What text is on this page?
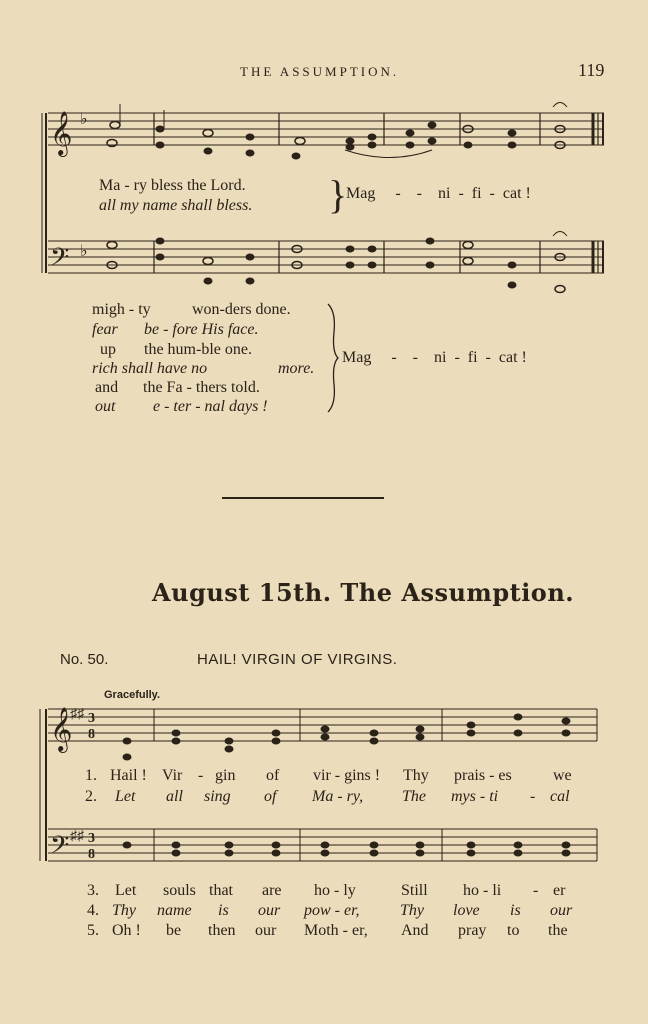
THE ASSUMPTION.	119
𝄞
𝄢
♭
♭
𝄞
𝄢
♯♯
♯♯
3
8
3
8
Ma - ry bless the Lord.
all my name shall bless. }
Mag - - ni - fi - cat !
migh - ty	won-ders done.
fear be - fore His face.
up the hum-ble one.
rich shall have no	more.
and the Fa - thers told.
out e - ter - nal days !
Mag - - ni - fi - cat !
August 15th. The Assumption.
No. 50.	HAIL! VIRGIN OF VIRGINS.
Gracefully.
1. Hail ! Vir - gin of vir - gins ! Thy prais - es	we
2. Let all sing of Ma - ry, The mys - ti - cal
3. Let souls that are ho - ly	Still ho - li - er
4. Thy name is our pow - er,	Thy love is our
5. Oh ! be then our Moth - er, And pray to the
